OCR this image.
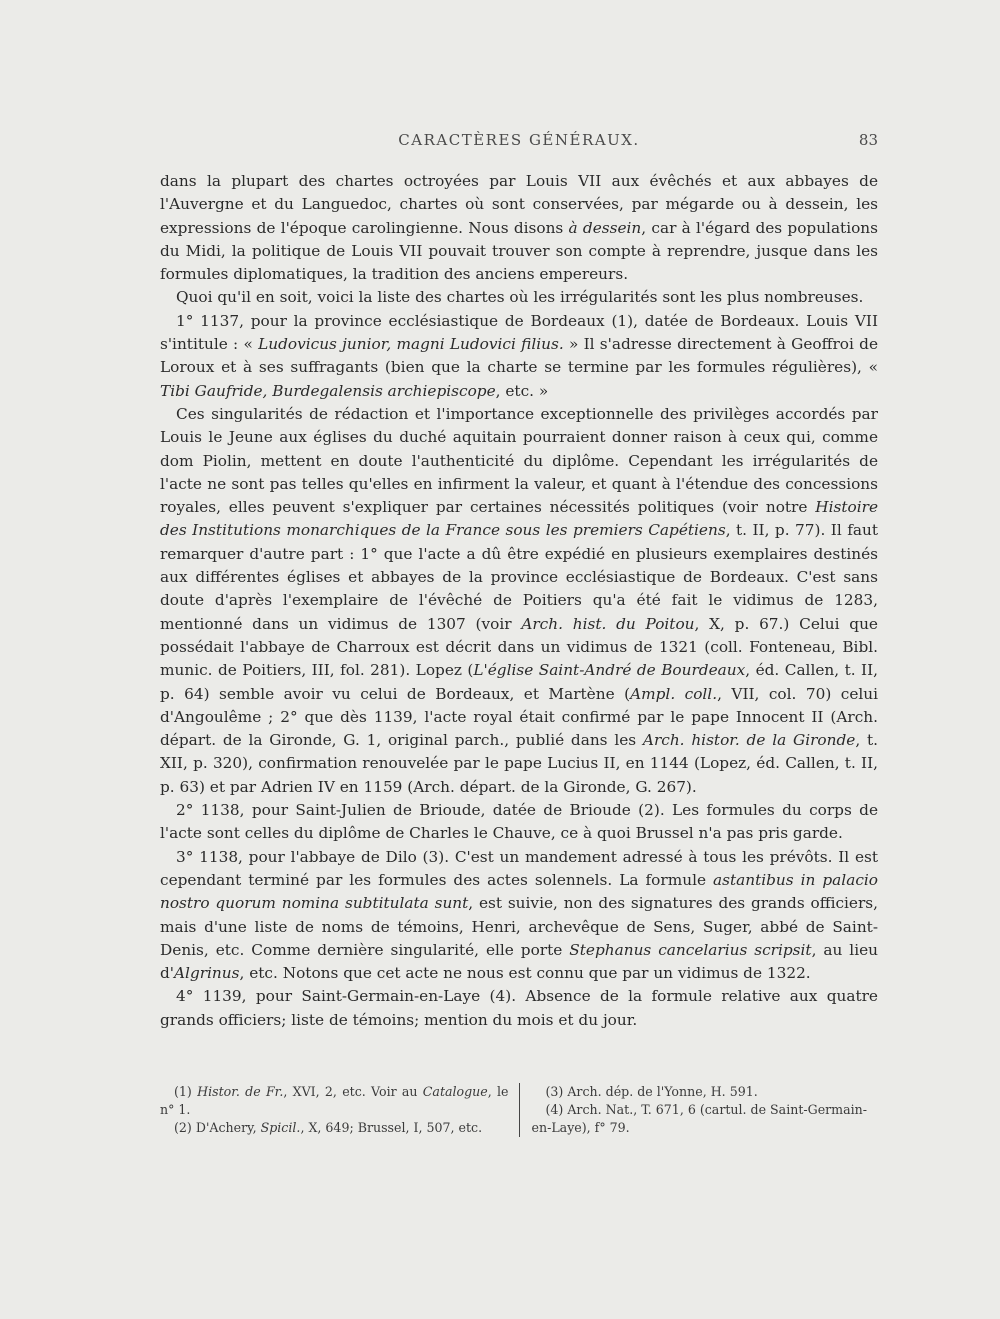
CARACTÈRES GÉNÉRAUX.	83

dans la plupart des chartes octroyées par Louis VII aux évêchés et aux abbayes de l'Auvergne et du Languedoc, chartes où sont conservées, par mégarde ou à dessein, les expressions de l'époque carolingienne. Nous disons à dessein, car à l'égard des populations du Midi, la politique de Louis VII pouvait trouver son compte à reprendre, jusque dans les formules diplomatiques, la tradition des anciens empereurs.

Quoi qu'il en soit, voici la liste des chartes où les irrégularités sont les plus nombreuses.

1° 1137, pour la province ecclésiastique de Bordeaux (1), datée de Bordeaux. Louis VII s'intitule : « Ludovicus junior, magni Ludovici filius. » Il s'adresse directement à Geoffroi de Loroux et à ses suffragants (bien que la charte se termine par les formules régulières), « Tibi Gaufride, Burdegalensis archiepiscope, etc. »

Ces singularités de rédaction et l'importance exceptionnelle des privilèges accordés par Louis le Jeune aux églises du duché aquitain pourraient donner raison à ceux qui, comme dom Piolin, mettent en doute l'authenticité du diplôme. Cependant les irrégularités de l'acte ne sont pas telles qu'elles en infirment la valeur, et quant à l'étendue des concessions royales, elles peuvent s'expliquer par certaines nécessités politiques (voir notre Histoire des Institutions monarchiques de la France sous les premiers Capétiens, t. II, p. 77). Il faut remarquer d'autre part : 1° que l'acte a dû être expédié en plusieurs exemplaires destinés aux différentes églises et abbayes de la province ecclésiastique de Bordeaux. C'est sans doute d'après l'exemplaire de l'évêché de Poitiers qu'a été fait le vidimus de 1283, mentionné dans un vidimus de 1307 (voir Arch. hist. du Poitou, X, p. 67.) Celui que possédait l'abbaye de Charroux est décrit dans un vidimus de 1321 (coll. Fonteneau, Bibl. munic. de Poitiers, III, fol. 281). Lopez (L'église Saint-André de Bourdeaux, éd. Callen, t. II, p. 64) semble avoir vu celui de Bordeaux, et Martène (Ampl. coll., VII, col. 70) celui d'Angoulême ; 2° que dès 1139, l'acte royal était confirmé par le pape Innocent II (Arch. départ. de la Gironde, G. 1, original parch., publié dans les Arch. histor. de la Gironde, t. XII, p. 320), confirmation renouvelée par le pape Lucius II, en 1144 (Lopez, éd. Callen, t. II, p. 63) et par Adrien IV en 1159 (Arch. départ. de la Gironde, G. 267).

2° 1138, pour Saint-Julien de Brioude, datée de Brioude (2). Les formules du corps de l'acte sont celles du diplôme de Charles le Chauve, ce à quoi Brussel n'a pas pris garde.

3° 1138, pour l'abbaye de Dilo (3). C'est un mandement adressé à tous les prévôts. Il est cependant terminé par les formules des actes solennels. La formule astantibus in palacio nostro quorum nomina subtitulata sunt, est suivie, non des signatures des grands officiers, mais d'une liste de noms de témoins, Henri, archevêque de Sens, Suger, abbé de Saint-Denis, etc. Comme dernière singularité, elle porte Stephanus cancelarius scripsit, au lieu d'Algrinus, etc. Notons que cet acte ne nous est connu que par un vidimus de 1322.

4° 1139, pour Saint-Germain-en-Laye (4). Absence de la formule relative aux quatre grands officiers; liste de témoins; mention du mois et du jour.

(1) Histor. de Fr., XVI, 2, etc. Voir au Catalogue, le n° 1.

(2) D'Achery, Spicil., X, 649; Brussel, I, 507, etc.

(3) Arch. dép. de l'Yonne, H. 591.

(4) Arch. Nat., T. 671, 6 (cartul. de Saint-Germain-en-Laye), f° 79.
